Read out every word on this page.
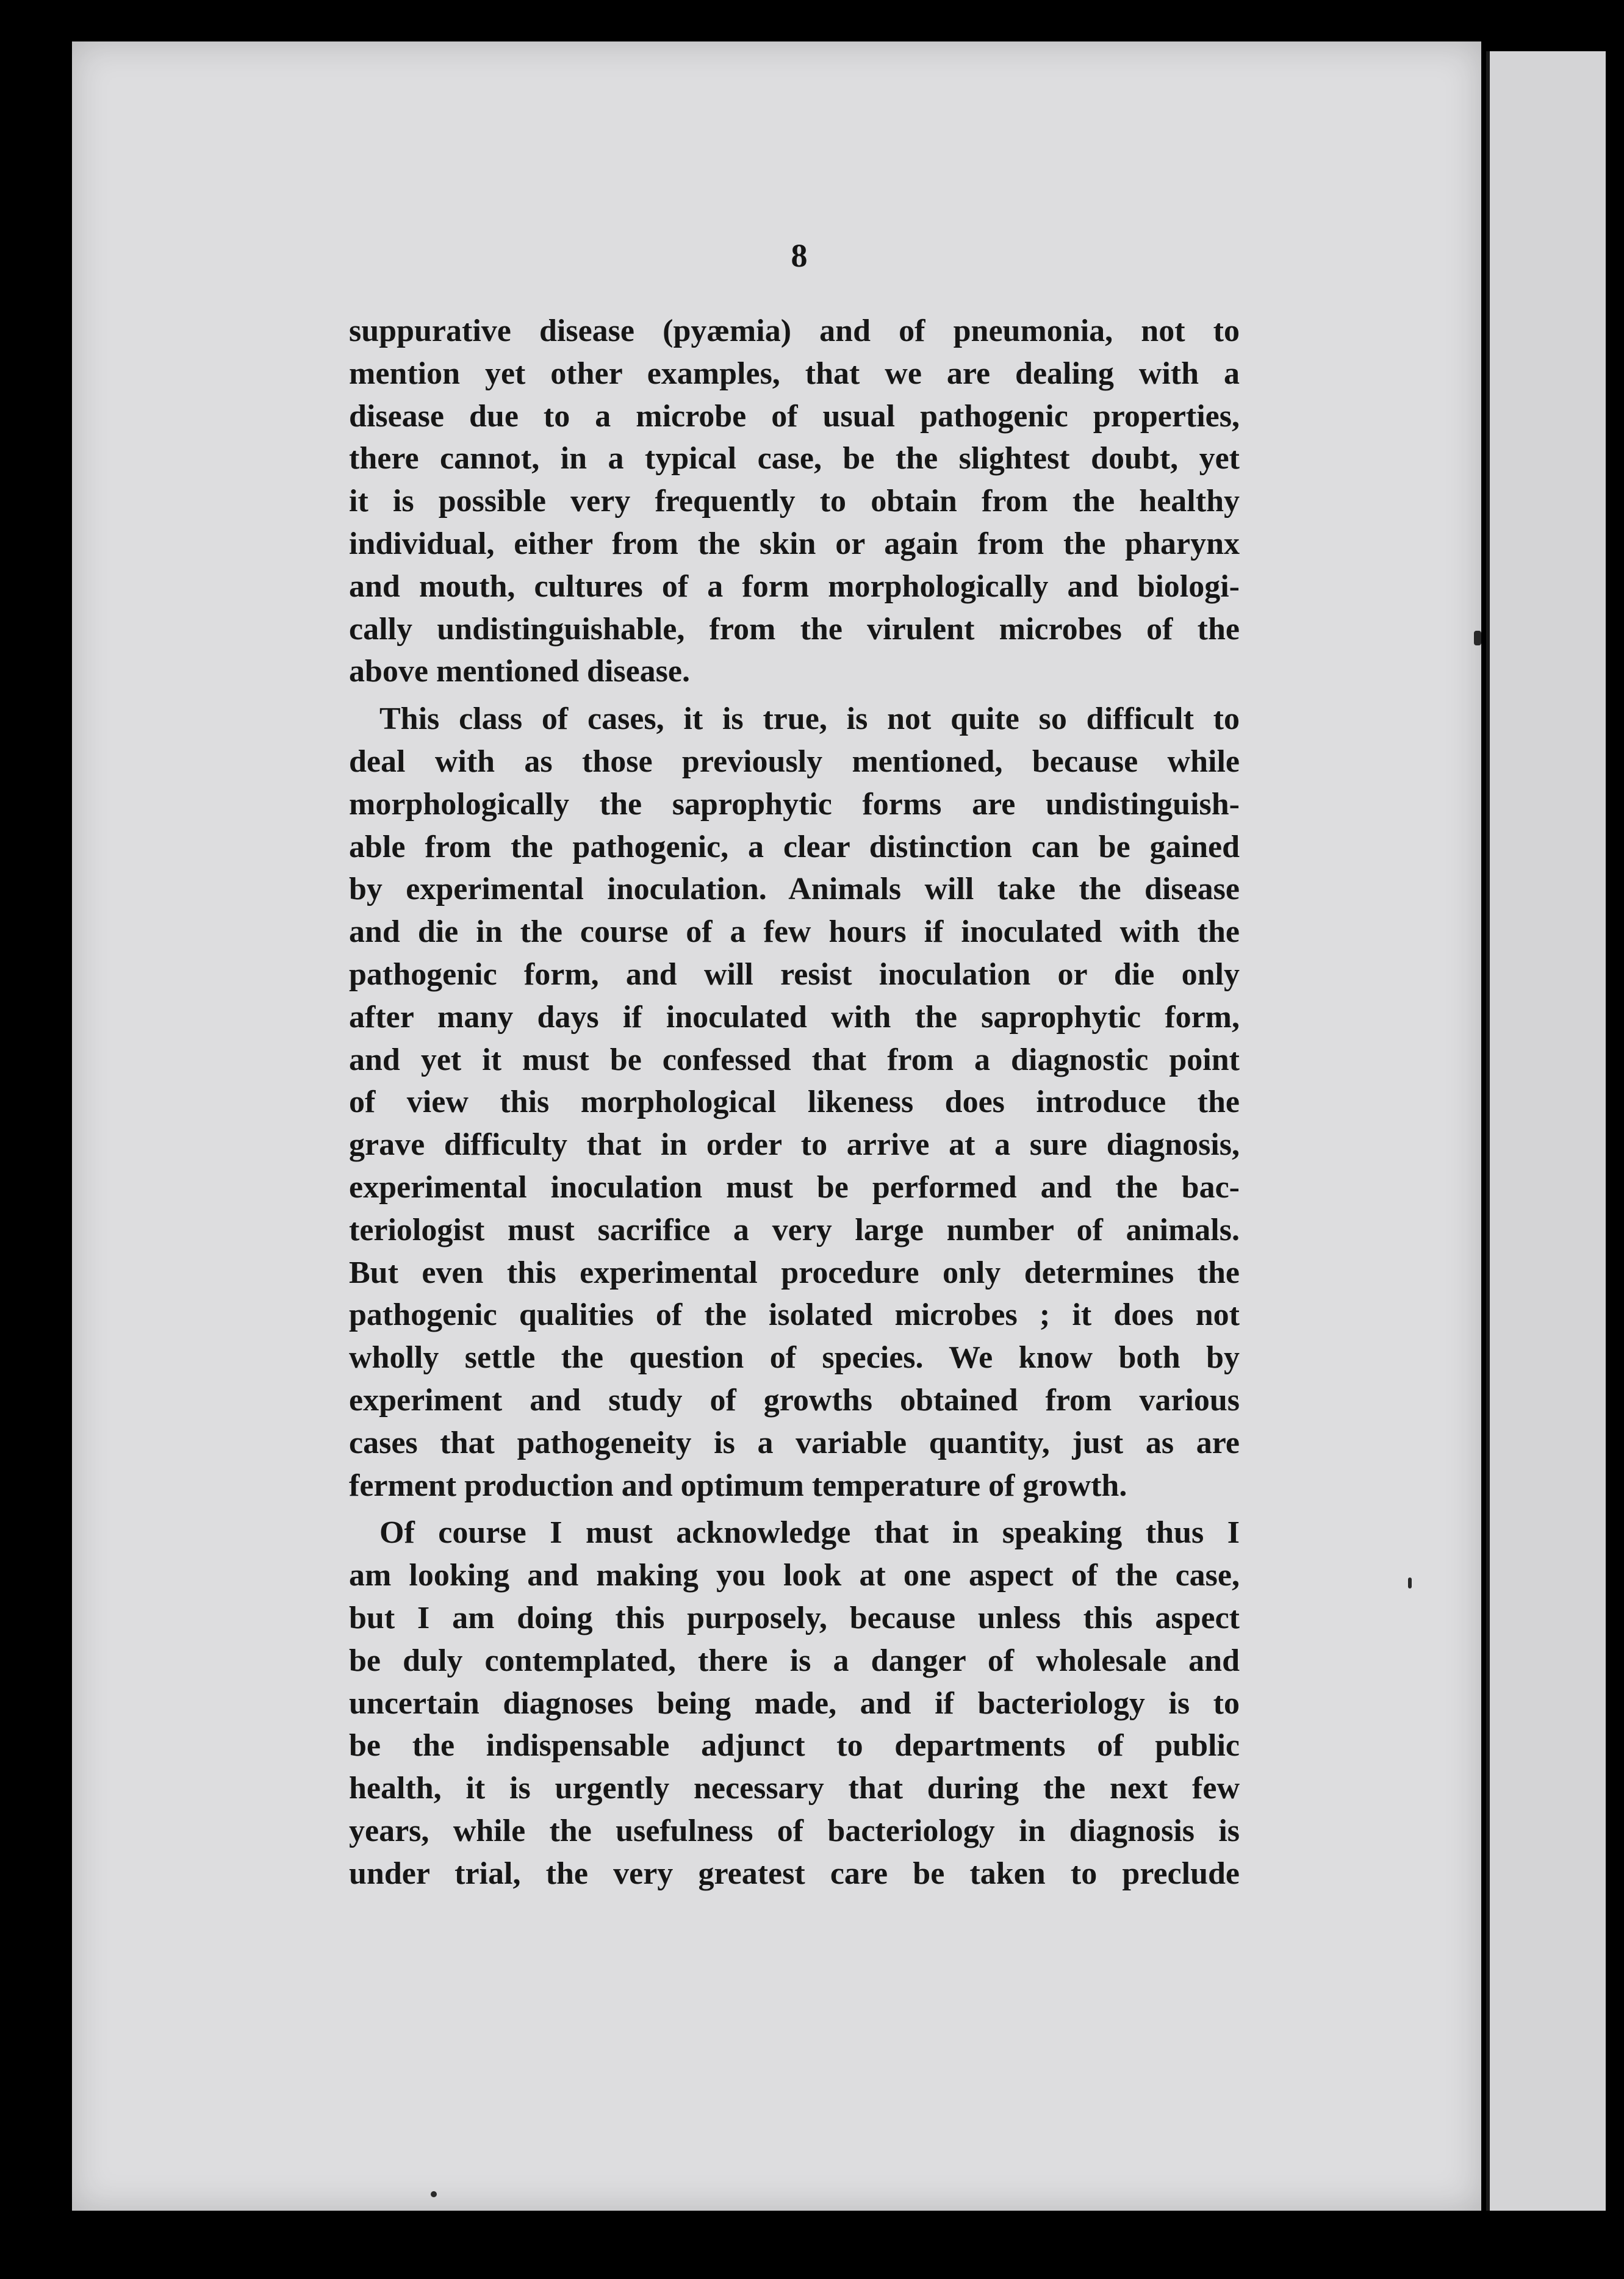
8
suppurative disease (pyæmia) and of pneumonia, not to
mention yet other examples, that we are dealing with a
disease due to a microbe of usual pathogenic properties,
there cannot, in a typical case, be the slightest doubt, yet
it is possible very frequently to obtain from the healthy
individual, either from the skin or again from the pharynx
and mouth, cultures of a form morphologically and biologi-
cally undistinguishable, from the virulent microbes of the
above mentioned disease.
This class of cases, it is true, is not quite so difficult to
deal with as those previously mentioned, because while
morphologically the saprophytic forms are undistinguish-
able from the pathogenic, a clear distinction can be gained
by experimental inoculation. Animals will take the disease
and die in the course of a few hours if inoculated with the
pathogenic form, and will resist inoculation or die only
after many days if inoculated with the saprophytic form,
and yet it must be confessed that from a diagnostic point
of view this morphological likeness does introduce the
grave difficulty that in order to arrive at a sure diagnosis,
experimental inoculation must be performed and the bac-
teriologist must sacrifice a very large number of animals.
But even this experimental procedure only determines the
pathogenic qualities of the isolated microbes ; it does not
wholly settle the question of species. We know both by
experiment and study of growths obtained from various
cases that pathogeneity is a variable quantity, just as are
ferment production and optimum temperature of growth.
Of course I must acknowledge that in speaking thus I
am looking and making you look at one aspect of the case,
but I am doing this purposely, because unless this aspect
be duly contemplated, there is a danger of wholesale and
uncertain diagnoses being made, and if bacteriology is to
be the indispensable adjunct to departments of public
health, it is urgently necessary that during the next few
years, while the usefulness of bacteriology in diagnosis is
under trial, the very greatest care be taken to preclude
